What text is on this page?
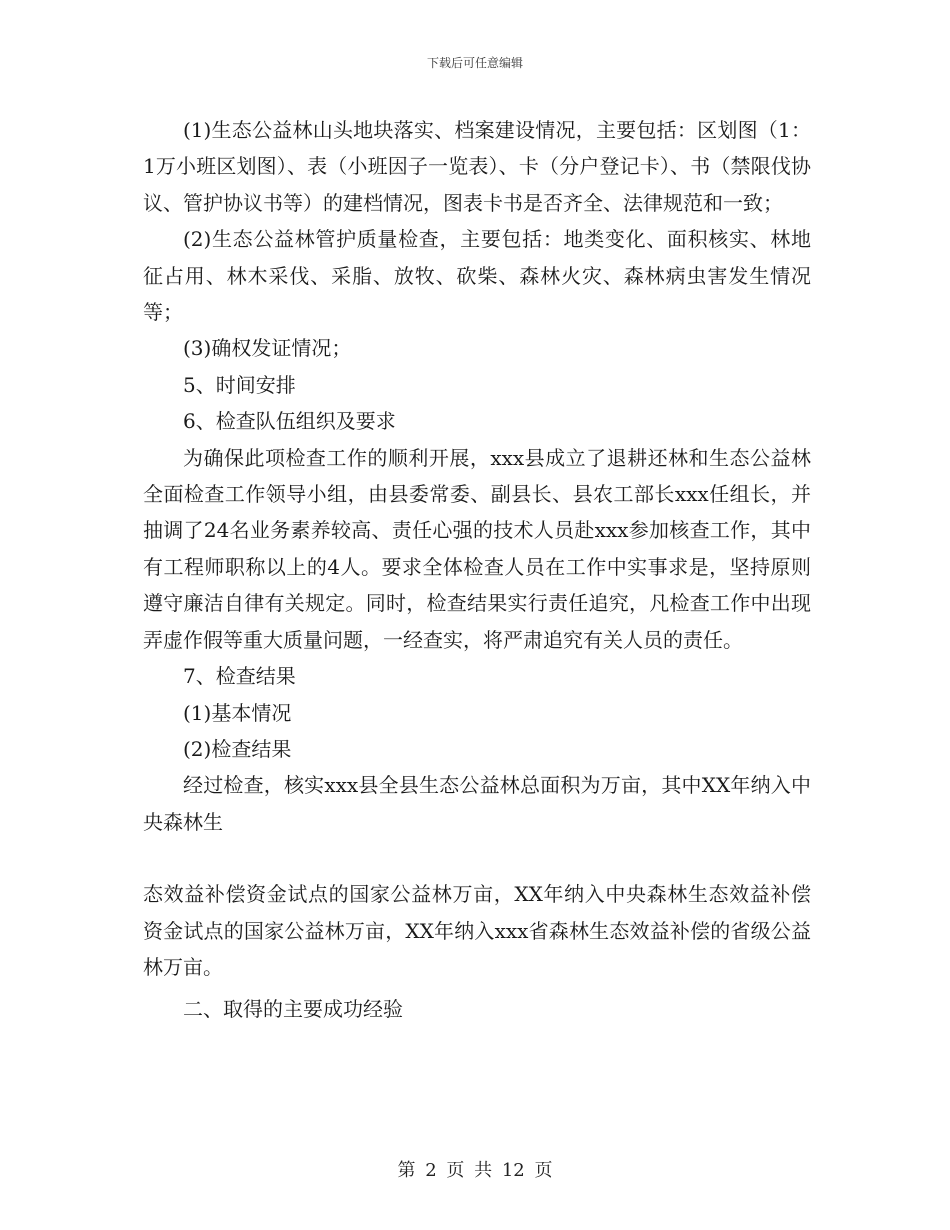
下载后可任意编辑

(1)生态公益林山头地块落实、档案建设情况，主要包括：区划图（1：1万小班区划图）、表（小班因子一览表）、卡（分户登记卡）、书（禁限伐协议、管护协议书等）的建档情况，图表卡书是否齐全、法律规范和一致；

(2)生态公益林管护质量检查，主要包括：地类变化、面积核实、林地征占用、林木采伐、采脂、放牧、砍柴、森林火灾、森林病虫害发生情况等；

(3)确权发证情况；

5、时间安排

6、检查队伍组织及要求

为确保此项检查工作的顺利开展，xxx县成立了退耕还林和生态公益林全面检查工作领导小组，由县委常委、副县长、县农工部长xxx任组长，并抽调了24名业务素养较高、责任心强的技术人员赴xxx参加核查工作，其中有工程师职称以上的4人。要求全体检查人员在工作中实事求是，坚持原则遵守廉洁自律有关规定。同时，检查结果实行责任追究，凡检查工作中出现弄虚作假等重大质量问题，一经查实，将严肃追究有关人员的责任。

7、检查结果

(1)基本情况

(2)检查结果

经过检查，核实xxx县全县生态公益林总面积为万亩，其中XX年纳入中央森林生

态效益补偿资金试点的国家公益林万亩，XX年纳入中央森林生态效益补偿资金试点的国家公益林万亩，XX年纳入xxx省森林生态效益补偿的省级公益林万亩。

二、取得的主要成功经验

第 2 页 共 12 页
